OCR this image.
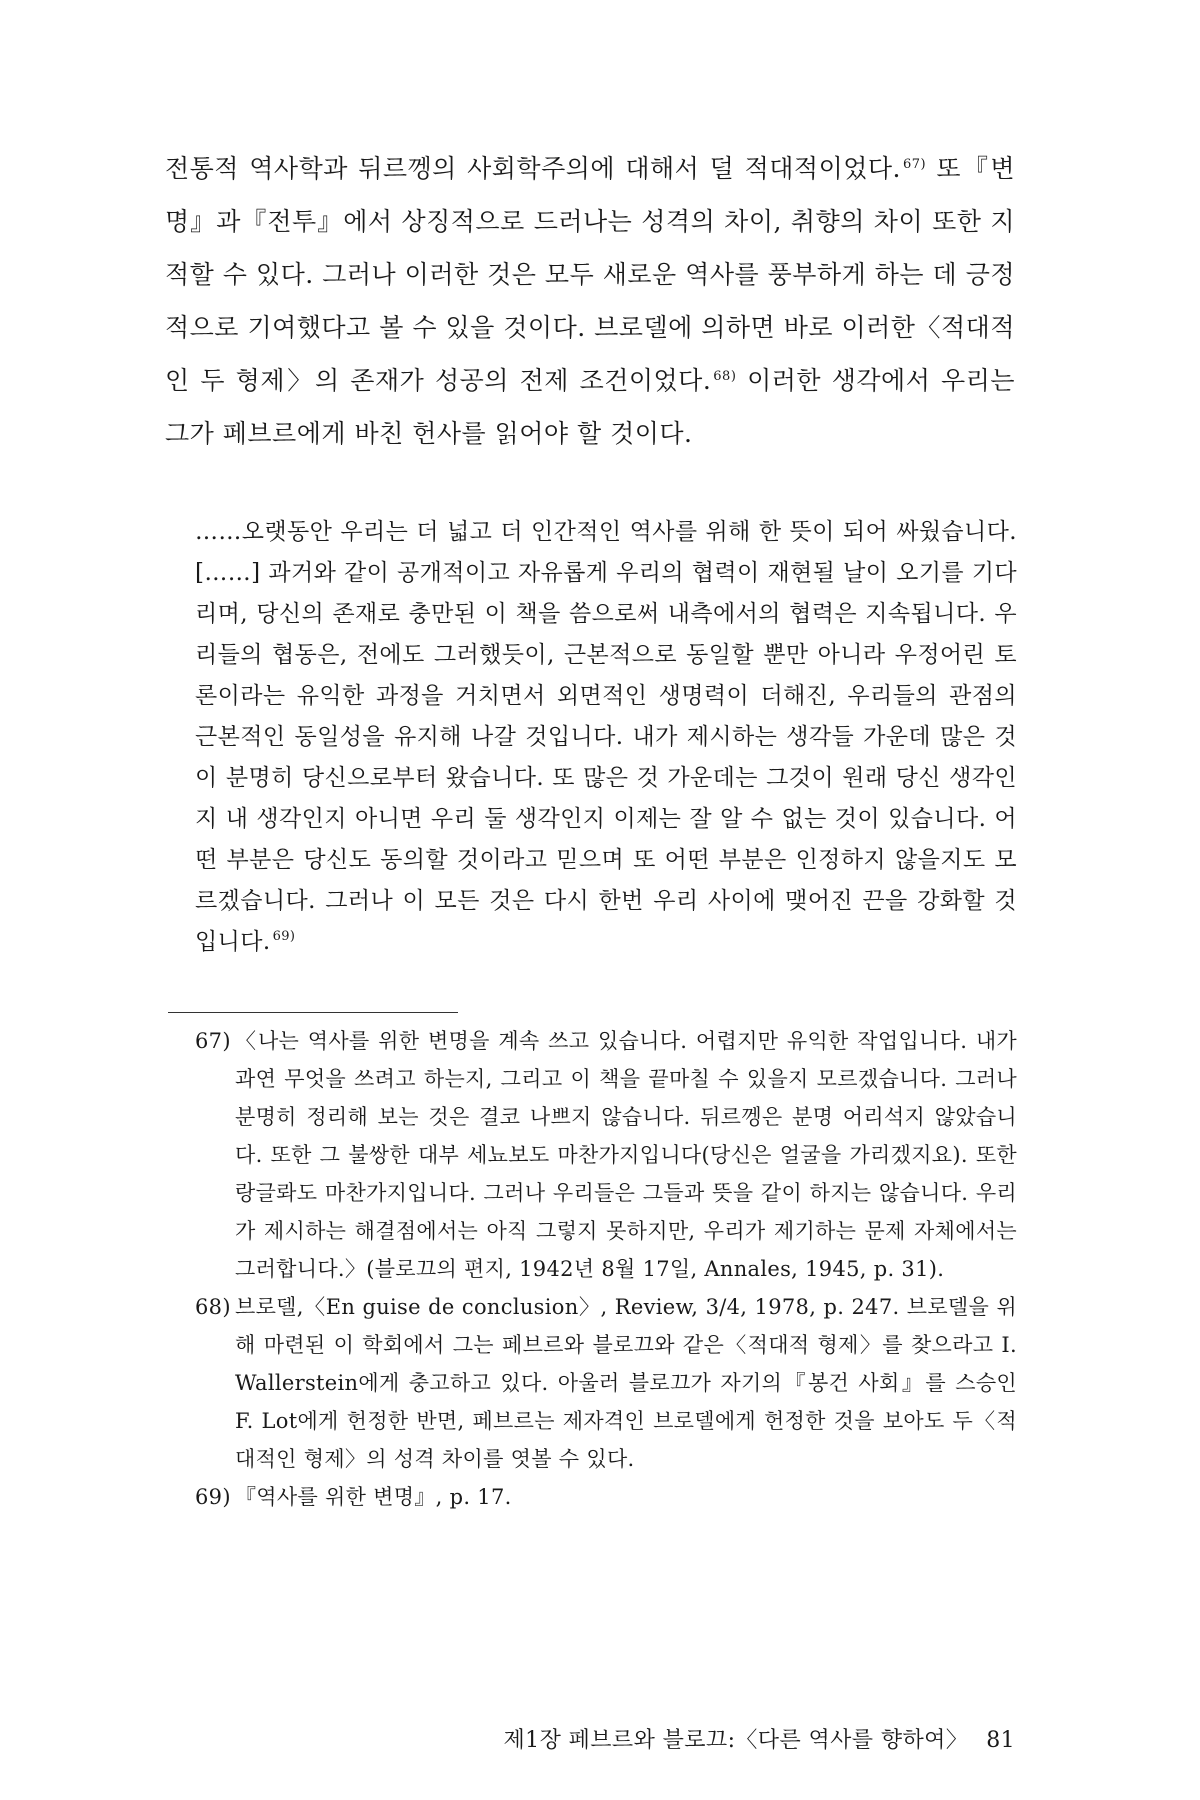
전통적 역사학과 뒤르껭의 사회학주의에 대해서 덜 적대적이었다. $^{67)}$ 또『변명』과『전투』에서 상징적으로 드러나는 성격의 차이, 취향의 차이 또한 지적할 수 있다. 그러나 이러한 것은 모두 새로운 역사를 풍부하게 하는 데 긍정적으로 기여했다고 볼 수 있을 것이다. 브로델에 의하면 바로 이러한〈적대적인 두 형제〉의 존재가 성공의 전제 조건이었다. $^{68)}$ 이러한 생각에서 우리는 그가 페브르에게 바친 헌사를 읽어야 할 것이다.
……오랫동안 우리는 더 넓고 더 인간적인 역사를 위해 한 뜻이 되어 싸웠습니다. [……] 과거와 같이 공개적이고 자유롭게 우리의 협력이 재현될 날이 오기를 기다리며, 당신의 존재로 충만된 이 책을 씀으로써 내측에서의 협력은 지속됩니다. 우리들의 협동은, 전에도 그러했듯이, 근본적으로 동일할 뿐만 아니라 우정어린 토론이라는 유익한 과정을 거치면서 외면적인 생명력이 더해진, 우리들의 관점의 근본적인 동일성을 유지해 나갈 것입니다. 내가 제시하는 생각들 가운데 많은 것이 분명히 당신으로부터 왔습니다. 또 많은 것 가운데는 그것이 원래 당신 생각인지 내 생각인지 아니면 우리 둘 생각인지 이제는 잘 알 수 없는 것이 있습니다. 어떤 부분은 당신도 동의할 것이라고 믿으며 또 어떤 부분은 인정하지 않을지도 모르겠습니다. 그러나 이 모든 것은 다시 한번 우리 사이에 맺어진 끈을 강화할 것입니다. $^{69)}$
67) 〈나는 역사를 위한 변명을 계속 쓰고 있습니다. 어렵지만 유익한 작업입니다. 내가 과연 무엇을 쓰려고 하는지, 그리고 이 책을 끝마칠 수 있을지 모르겠습니다. 그러나 분명히 정리해 보는 것은 결코 나쁘지 않습니다. 뒤르껭은 분명 어리석지 않았습니다. 또한 그 불쌍한 대부 세뇨보도 마찬가지입니다(당신은 얼굴을 가리겠지요). 또한 랑글롸도 마찬가지입니다. 그러나 우리들은 그들과 뜻을 같이 하지는 않습니다. 우리가 제시하는 해결점에서는 아직 그렇지 못하지만, 우리가 제기하는 문제 자체에서는 그러합니다.〉(블로끄의 편지, 1942년 8월 17일, Annales, 1945, p. 31).
68) 브로델,〈En guise de conclusion〉, Review, 3/4, 1978, p. 247. 브로델을 위해 마련된 이 학회에서 그는 페브르와 블로끄와 같은〈적대적 형제〉를 찾으라고 I. Wallerstein에게 충고하고 있다. 아울러 블로끄가 자기의『봉건 사회』를 스승인 F. Lot에게 헌정한 반면, 페브르는 제자격인 브로델에게 헌정한 것을 보아도 두〈적대적인 형제〉의 성격 차이를 엿볼 수 있다.
69) 『역사를 위한 변명』, p. 17.
제1장 페브르와 블로끄:〈다른 역사를 향하여〉 81
